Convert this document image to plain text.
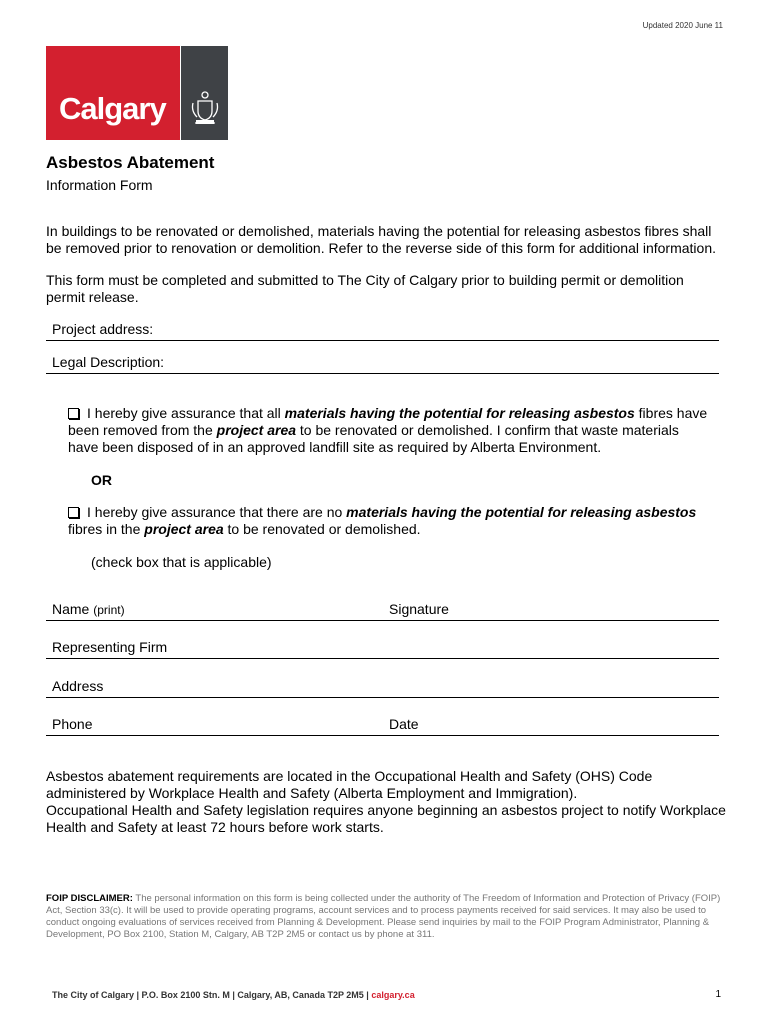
Updated 2020 June 11
Calgary
Asbestos Abatement
Information Form
In buildings to be renovated or demolished, materials having the potential for releasing asbestos fibres shall be removed prior to renovation or demolition. Refer to the reverse side of this form for additional information.
This form must be completed and submitted to The City of Calgary prior to building permit or demolition permit release.
Project address:
Legal Description:
I hereby give assurance that all materials having the potential for releasing asbestos fibres have been removed from the project area to be renovated or demolished. I confirm that waste materials have been disposed of in an approved landfill site as required by Alberta Environment.
OR
I hereby give assurance that there are no materials having the potential for releasing asbestos fibres in the project area to be renovated or demolished.
(check box that is applicable)
Name (print)	Signature
Representing Firm
Address
Phone	Date
Asbestos abatement requirements are located in the Occupational Health and Safety (OHS) Code administered by Workplace Health and Safety (Alberta Employment and Immigration).
Occupational Health and Safety legislation requires anyone beginning an asbestos project to notify Workplace Health and Safety at least 72 hours before work starts.
FOIP DISCLAIMER: The personal information on this form is being collected under the authority of The Freedom of Information and Protection of Privacy (FOIP) Act, Section 33(c). It will be used to provide operating programs, account services and to process payments received for said services. It may also be used to conduct ongoing evaluations of services received from Planning & Development. Please send inquiries by mail to the FOIP Program Administrator, Planning & Development, PO Box 2100, Station M, Calgary, AB T2P 2M5 or contact us by phone at 311.
The City of Calgary | P.O. Box 2100 Stn. M | Calgary, AB, Canada T2P 2M5 | calgary.ca	1
